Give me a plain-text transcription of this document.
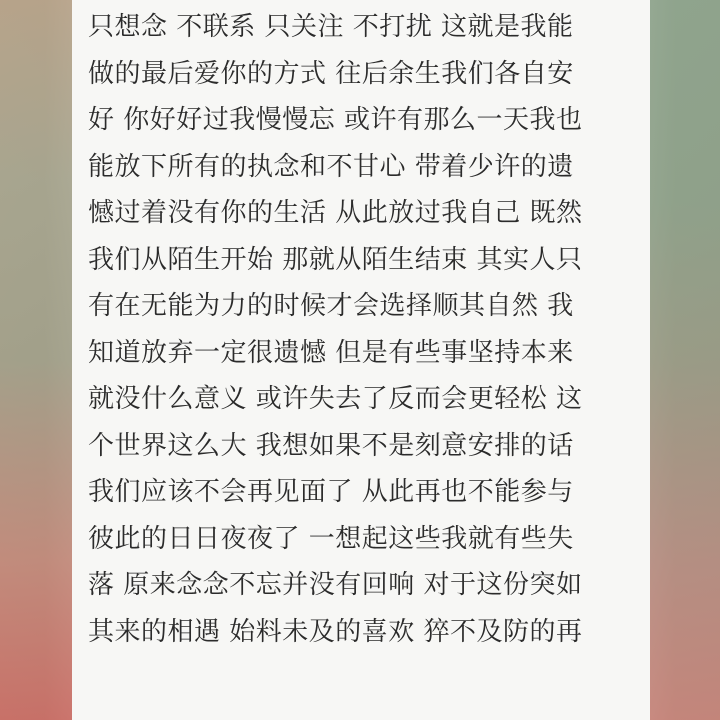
只想念 不联系 只关注 不打扰 这就是我能
做的最后爱你的方式 往后余生我们各自安
好 你好好过我慢慢忘 或许有那么一天我也
能放下所有的执念和不甘心 带着少许的遗
憾过着没有你的生活 从此放过我自己 既然
我们从陌生开始 那就从陌生结束 其实人只
有在无能为力的时候才会选择顺其自然 我
知道放弃一定很遗憾 但是有些事坚持本来
就没什么意义 或许失去了反而会更轻松 这
个世界这么大 我想如果不是刻意安排的话
我们应该不会再见面了 从此再也不能参与
彼此的日日夜夜了 一想起这些我就有些失
落 原来念念不忘并没有回响 对于这份突如
其来的相遇 始料未及的喜欢 猝不及防的再
